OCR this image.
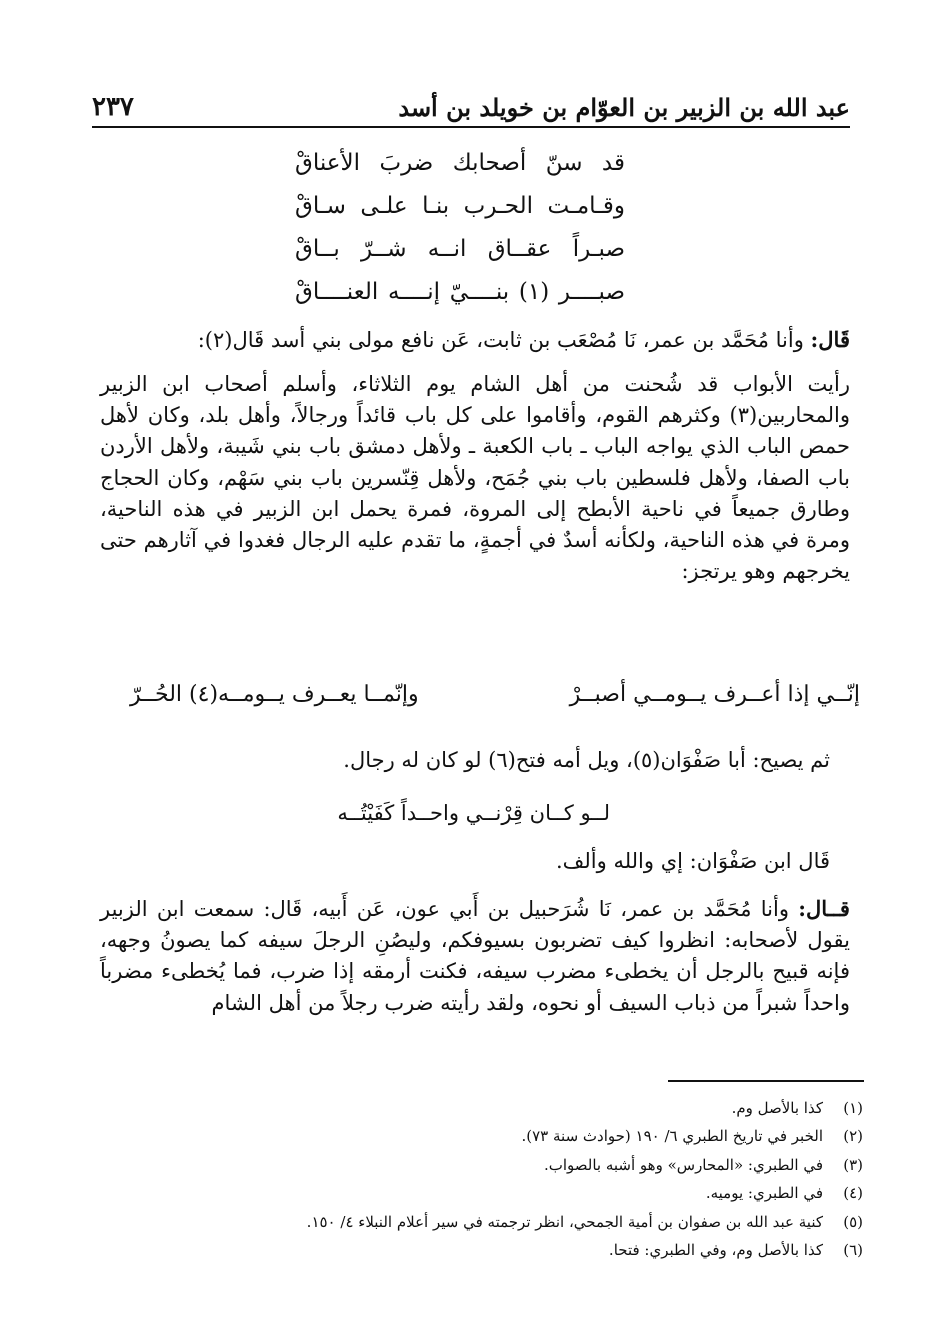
عبد الله بن الزبير بن العوّام بن خويلد بن أسد
٢٣٧
قد سنّ أصحابك ضربَ الأعناقْ
وقـامـت الحـرب بنـا علـى سـاقْ
صبـراً عقــاق انــه شــرّ بــاقْ
صبــــر (١) بنــــيّ إنــــه العنــــاقْ
قَال: وأنا مُحَمَّد بن عمر، نَا مُصْعَب بن ثابت، عَن نافع مولى بني أسد قَال(٢):
رأيت الأبواب قد شُحنت من أهل الشام يوم الثلاثاء، وأسلم أصحاب ابن الزبير والمحاربين(٣) وكثرهم القوم، وأقاموا على كل باب قائداً ورجالاً، وأهل بلد، وكان لأهل حمص الباب الذي يواجه الباب ـ باب الكعبة ـ ولأهل دمشق باب بني شَيبة، ولأهل الأردن باب الصفا، ولأهل فلسطين باب بني جُمَح، ولأهل قِنّسرين باب بني سَهْم، وكان الحجاج وطارق جميعاً في ناحية الأبطح إلى المروة، فمرة يحمل ابن الزبير في هذه الناحية، ومرة في هذه الناحية، ولكأنه أسدٌ في أجمةٍ، ما تقدم عليه الرجال فغدوا في آثارهم حتى يخرجهم وهو يرتجز:
إنّــي إذا أعــرف يــومــي أصبــرْ
وإنّمــا يعــرف يــومــه(٤) الحُــرّ
ثم يصيح: أبا صَفْوَان(٥)، ويل أمه فتح(٦) لو كان له رجال.
لــو كــان قِرْنــي واحــداً كَفَيْتُــه
قَال ابن صَفْوَان: إي والله وألف.
قــال: وأنا مُحَمَّد بن عمر، نَا شُرَحبيل بن أَبي عون، عَن أَبيه، قَال: سمعت ابن الزبير يقول لأصحابه: انظروا كيف تضربون بسيوفكم، وليصُنِ الرجلَ سيفه كما يصونُ وجهه، فإنه قبيح بالرجل أن يخطىء مضرب سيفه، فكنت أرمقه إذا ضرب، فما يُخطىء مضرباً واحداً شبراً من ذباب السيف أو نحوه، ولقد رأيته ضرب رجلاً من أهل الشام
(١)
كذا بالأصل وم.
(٢)
الخبر في تاريخ الطبري ٦/ ١٩٠ (حوادث سنة ٧٣).
(٣)
في الطبري: «المحارس» وهو أشبه بالصواب.
(٤)
في الطبري: يوميه.
(٥)
كنية عبد الله بن صفوان بن أمية الجمحي، انظر ترجمته في سير أعلام النبلاء ٤/ ١٥٠.
(٦)
كذا بالأصل وم، وفي الطبري: فتحا.
